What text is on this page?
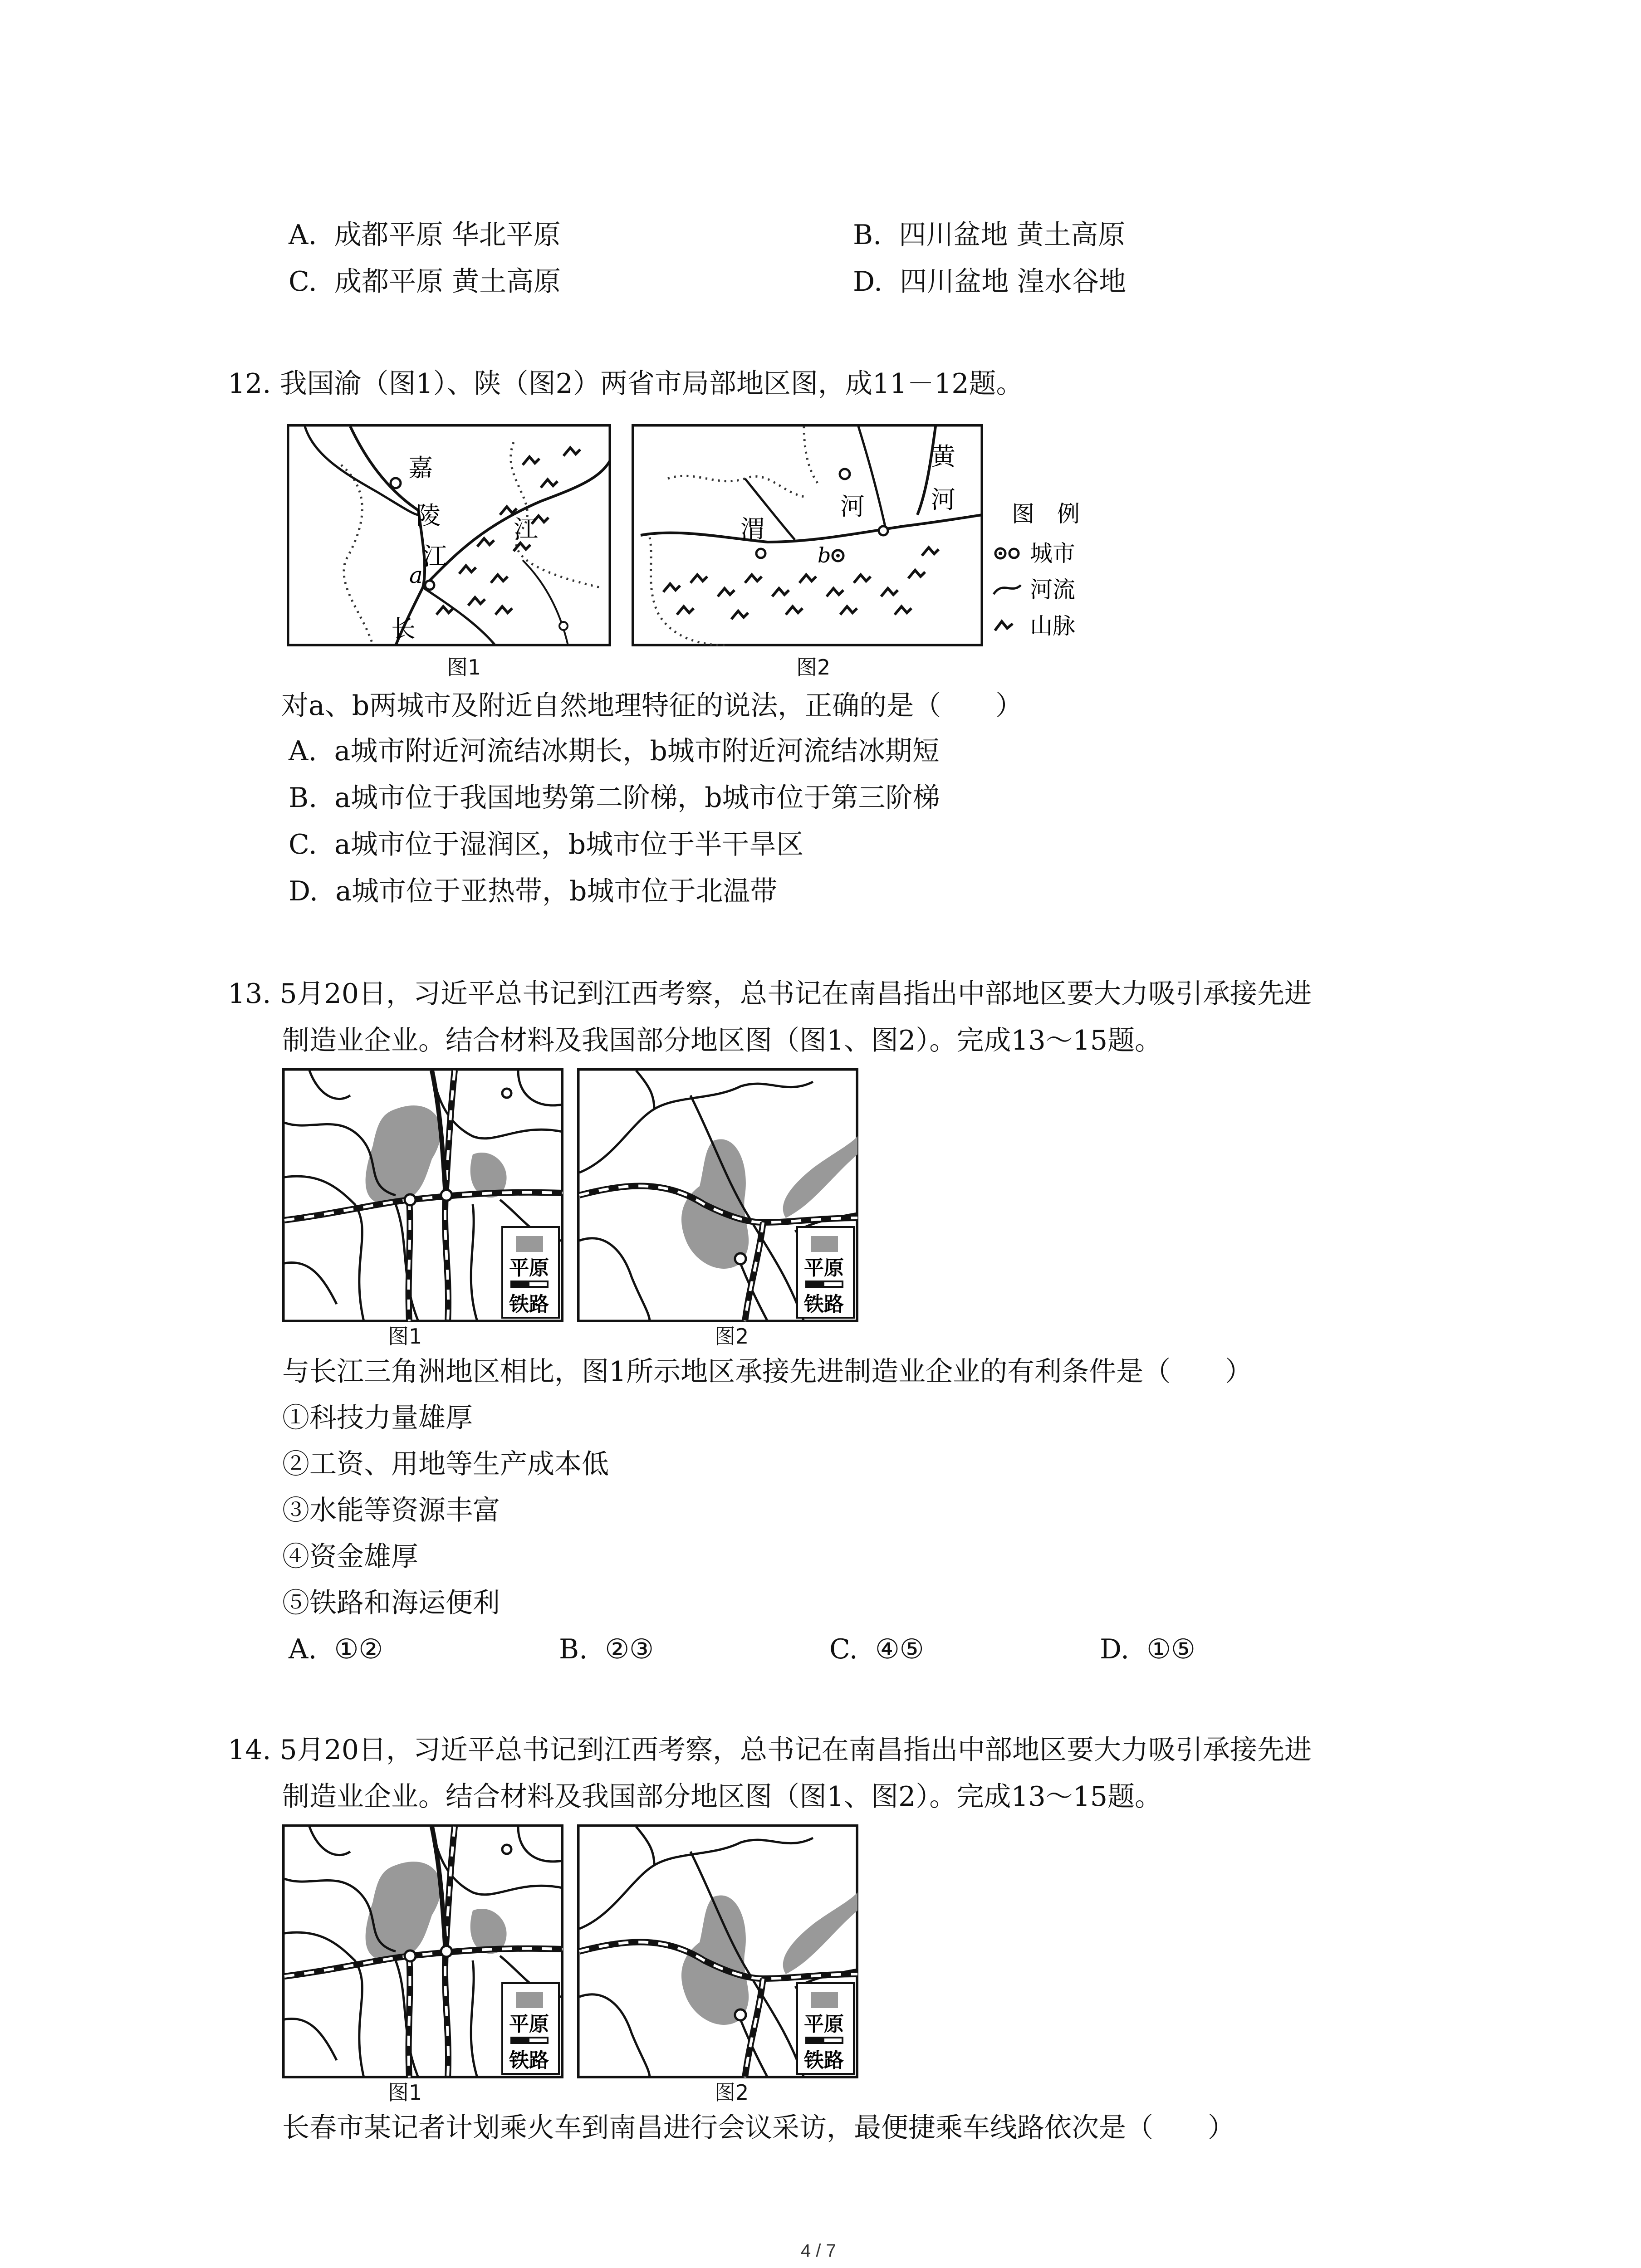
A. 成都平原 华北平原	B. 四川盆地 黄土高原
C. 成都平原 黄土高原	D. 四川盆地 湟水谷地
12. 我国渝（图1）、陕（图2）两省市局部地区图，成11－12题。
嘉
陵
江
江
a
长
黄
河
河
渭
b
图　例
城市
河流
山脉
图1	图2
对a、b两城市及附近自然地理特征的说法，正确的是（　　）
A. a城市附近河流结冰期长，b城市附近河流结冰期短
B. a城市位于我国地势第二阶梯，b城市位于第三阶梯
C. a城市位于湿润区，b城市位于半干旱区
D. a城市位于亚热带，b城市位于北温带
13. 5月20日，习近平总书记到江西考察，总书记在南昌指出中部地区要大力吸引承接先进
制造业企业。结合材料及我国部分地区图（图1、图2）。完成13～15题。
平原
铁路
平原
铁路
图1	图2
与长江三角洲地区相比，图1所示地区承接先进制造业企业的有利条件是（　　）
①科技力量雄厚
②工资、用地等生产成本低
③水能等资源丰富
④资金雄厚
⑤铁路和海运便利
A. ①②	B. ②③	C. ④⑤	D. ①⑤
14. 5月20日，习近平总书记到江西考察，总书记在南昌指出中部地区要大力吸引承接先进
制造业企业。结合材料及我国部分地区图（图1、图2）。完成13～15题。
平原
铁路
平原
铁路
图1	图2
长春市某记者计划乘火车到南昌进行会议采访，最便捷乘车线路依次是（　　）
4 / 7
